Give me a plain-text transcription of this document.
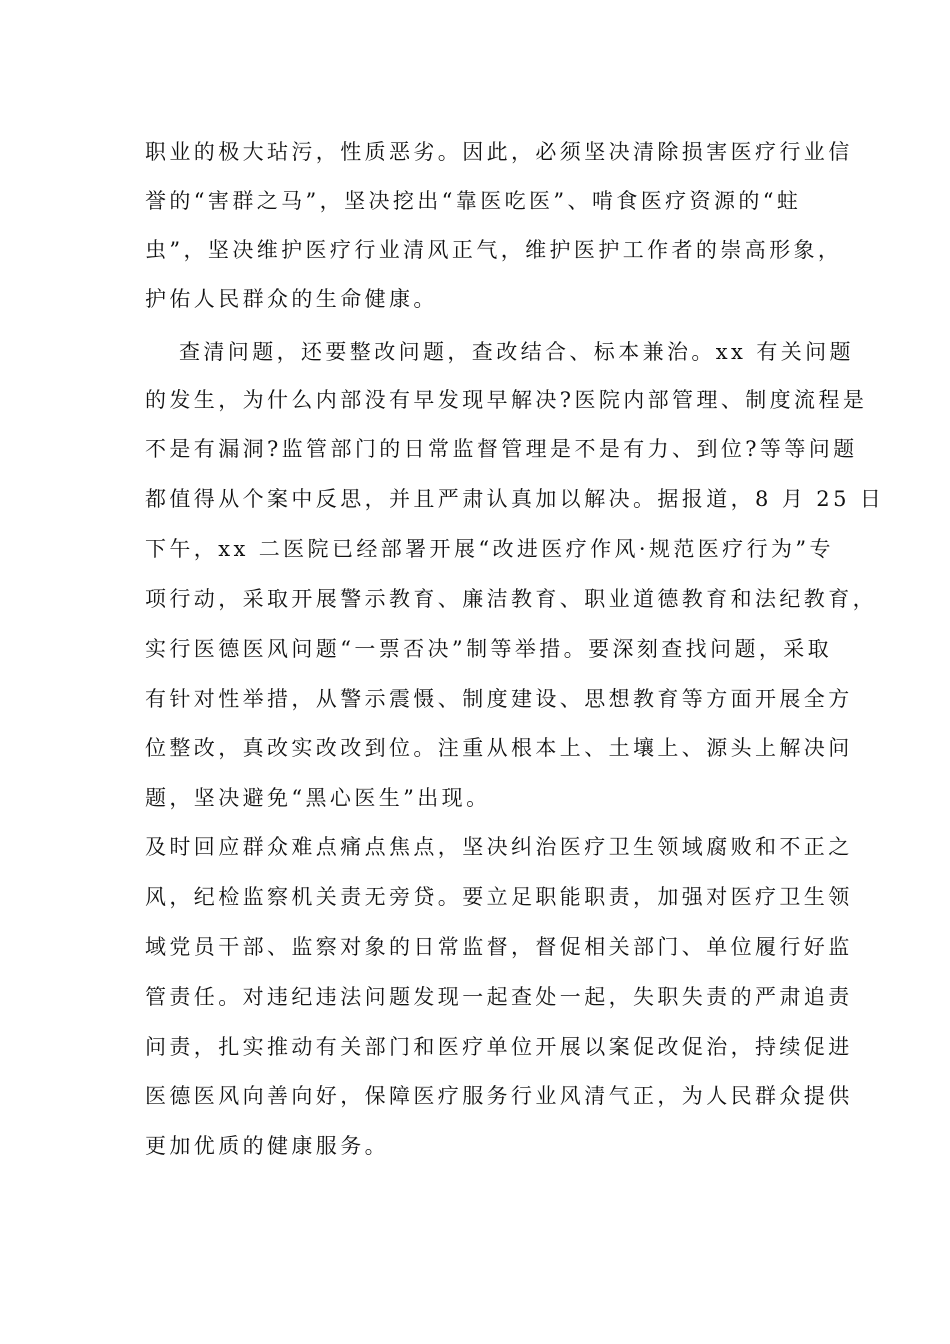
职业的极大玷污，性质恶劣。因此，必须坚决清除损害医疗行业信
誉的“害群之马”，坚决挖出“靠医吃医”、啃食医疗资源的“蛀
虫”，坚决维护医疗行业清风正气，维护医护工作者的崇高形象，
护佑人民群众的生命健康。
查清问题，还要整改问题，查改结合、标本兼治。xx 有关问题
的发生，为什么内部没有早发现早解决?医院内部管理、制度流程是
不是有漏洞?监管部门的日常监督管理是不是有力、到位?等等问题
都值得从个案中反思，并且严肃认真加以解决。据报道，8 月 25 日
下午，xx 二医院已经部署开展“改进医疗作风·规范医疗行为”专
项行动，采取开展警示教育、廉洁教育、职业道德教育和法纪教育，
实行医德医风问题“一票否决”制等举措。要深刻查找问题，采取
有针对性举措，从警示震慑、制度建设、思想教育等方面开展全方
位整改，真改实改改到位。注重从根本上、土壤上、源头上解决问
题，坚决避免“黑心医生”出现。
及时回应群众难点痛点焦点，坚决纠治医疗卫生领域腐败和不正之
风，纪检监察机关责无旁贷。要立足职能职责，加强对医疗卫生领
域党员干部、监察对象的日常监督，督促相关部门、单位履行好监
管责任。对违纪违法问题发现一起查处一起，失职失责的严肃追责
问责，扎实推动有关部门和医疗单位开展以案促改促治，持续促进
医德医风向善向好，保障医疗服务行业风清气正，为人民群众提供
更加优质的健康服务。
